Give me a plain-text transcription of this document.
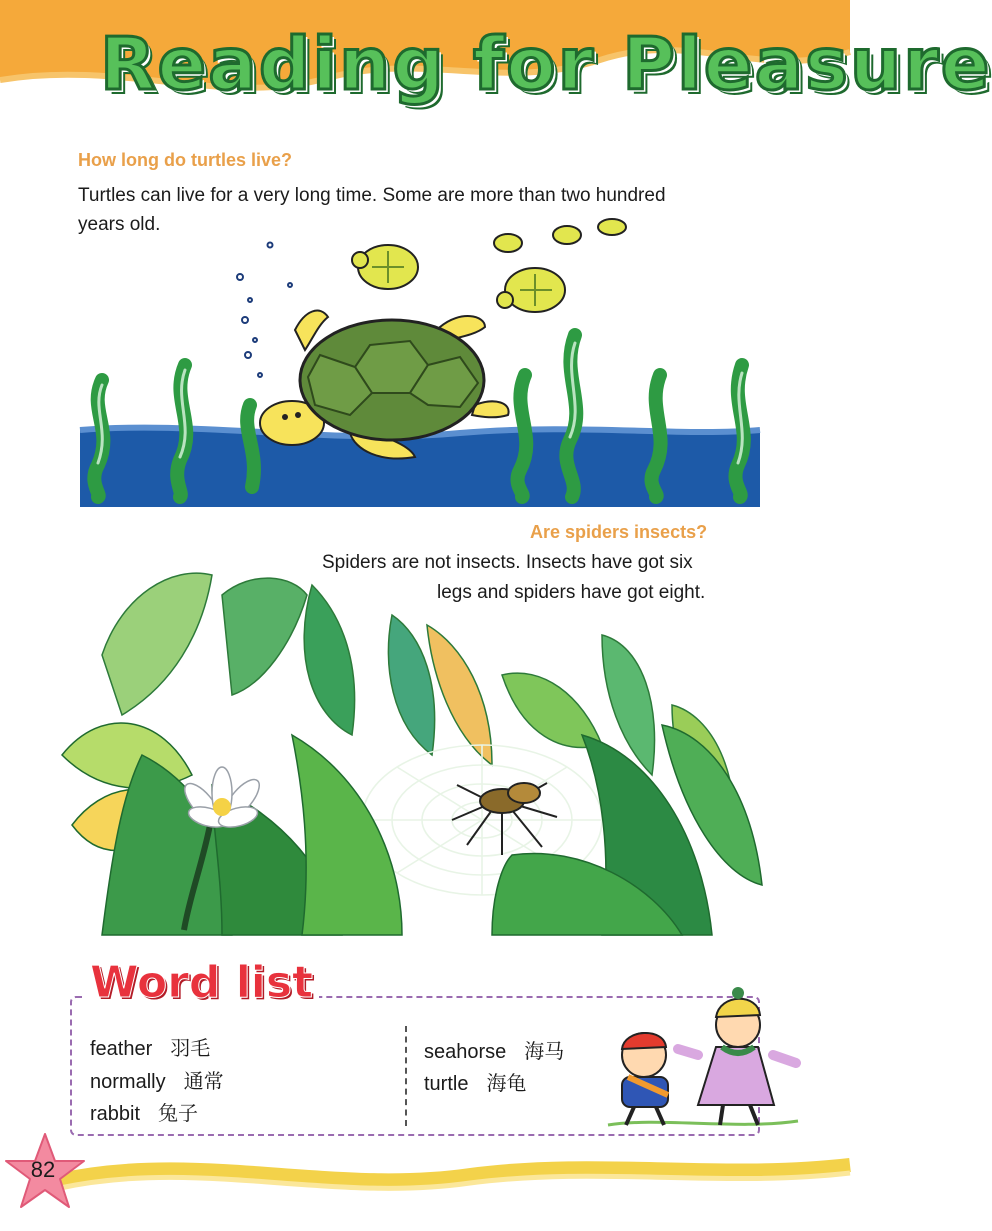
Reading for Pleasure
How long do turtles live?
Turtles can live for a very long time. Some are more than two hundred
years old.
Are spiders insects?
Spiders are not insects. Insects have got six
legs and spiders have got eight.
Word list
feather 羽毛
normally 通常
rabbit 兔子
seahorse 海马
turtle 海龟
82
